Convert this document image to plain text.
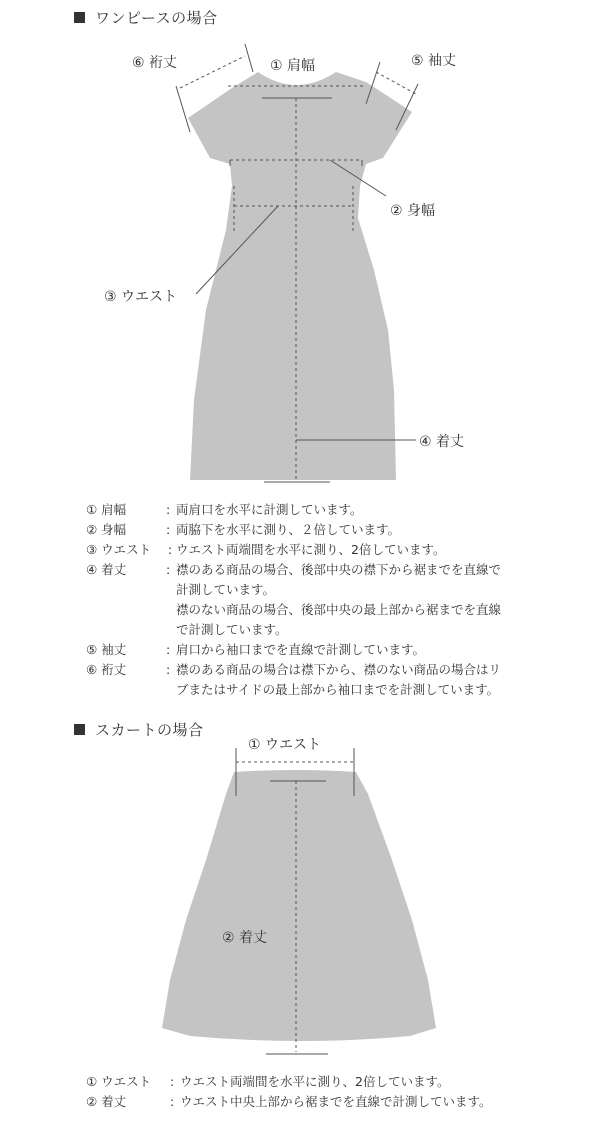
ワンピースの場合
⑥ 裄丈	① 肩幅	⑤ 袖丈
② 身幅
③ ウエスト
④ 着丈
① 肩幅	: 両肩口を水平に計測しています。
② 身幅	: 両脇下を水平に測り、２倍しています。
③ ウエスト	: ウエスト両端間を水平に測り、2倍しています。
④ 着丈	: 襟のある商品の場合、後部中央の襟下から裾までを直線で計測しています。
襟のない商品の場合、後部中央の最上部から裾までを直線で計測しています。
⑤ 袖丈	: 肩口から袖口までを直線で計測しています。
⑥ 裄丈	: 襟のある商品の場合は襟下から、襟のない商品の場合はリブまたはサイドの最上部から袖口までを計測しています。
スカートの場合
① ウエスト
② 着丈
① ウエスト	: ウエスト両端間を水平に測り、2倍しています。
② 着丈	: ウエスト中央上部から裾までを直線で計測しています。
